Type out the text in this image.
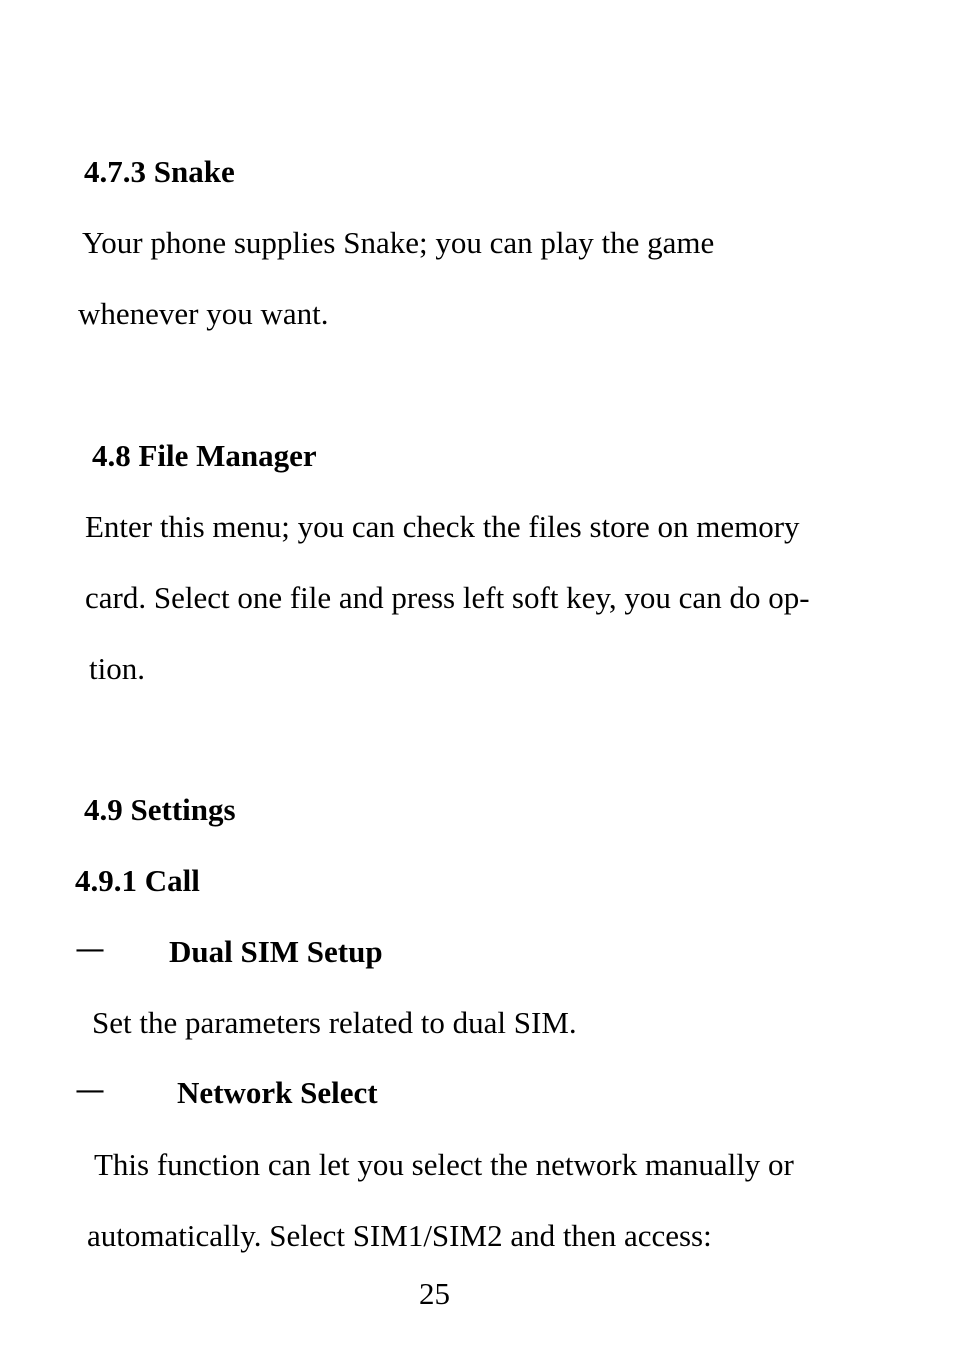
4.7.3 Snake
Your phone supplies Snake; you can play the game
whenever you want.
4.8 File Manager
Enter this menu; you can check the files store on memory
card. Select one file and press left soft key, you can do op-
tion.
4.9 Settings
4.9.1 Call
— Dual SIM Setup
Set the parameters related to dual SIM.
— Network Select
This function can let you select the network manually or
automatically. Select SIM1/SIM2 and then access:
25
